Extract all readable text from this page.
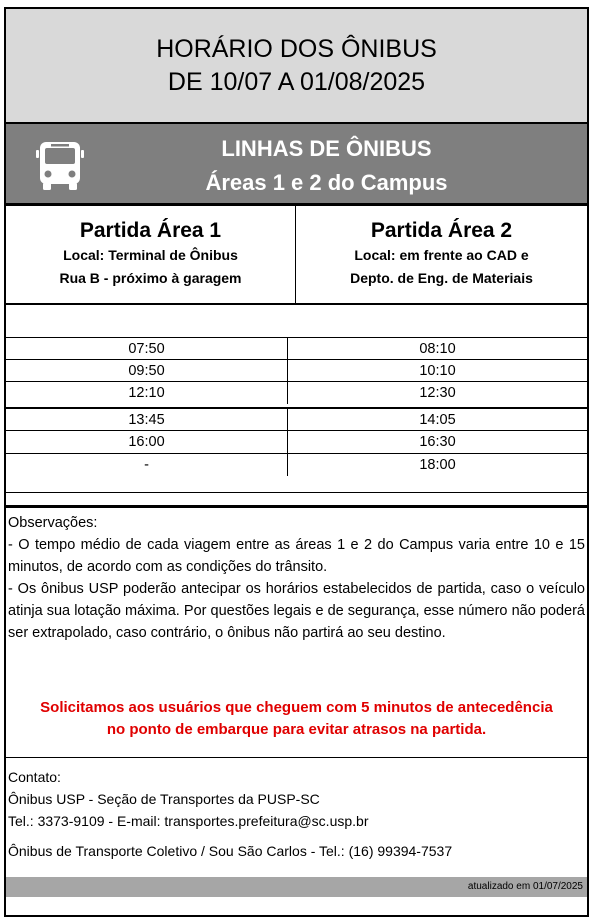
HORÁRIO DOS ÔNIBUS
DE 10/07 A 01/08/2025
LINHAS DE ÔNIBUS
Áreas 1 e 2 do Campus
Partida Área 1
Local: Terminal de Ônibus
Rua B - próximo à garagem
Partida Área 2
Local: em frente ao CAD e
Depto. de Eng. de Materiais
07:50	08:10
09:50	10:10
12:10	12:30
13:45	14:05
16:00	16:30
-	18:00

Observações:

- O tempo médio de cada viagem entre as áreas 1 e 2 do Campus varia entre 10 e 15 minutos, de acordo com as condições do trânsito.

- Os ônibus USP poderão antecipar os horários estabelecidos de partida, caso o veículo atinja sua lotação máxima. Por questões legais e de segurança, esse número não poderá ser extrapolado, caso contrário, o ônibus não partirá ao seu destino.

Solicitamos aos usuários que cheguem com 5 minutos de antecedência
no ponto de embarque para evitar atrasos na partida.
Contato:
Ônibus USP - Seção de Transportes da PUSP-SC
Tel.: 3373-9109 - E-mail: transportes.prefeitura@sc.usp.br
Ônibus de Transporte Coletivo / Sou São Carlos - Tel.: (16) 99394-7537
atualizado em 01/07/2025
